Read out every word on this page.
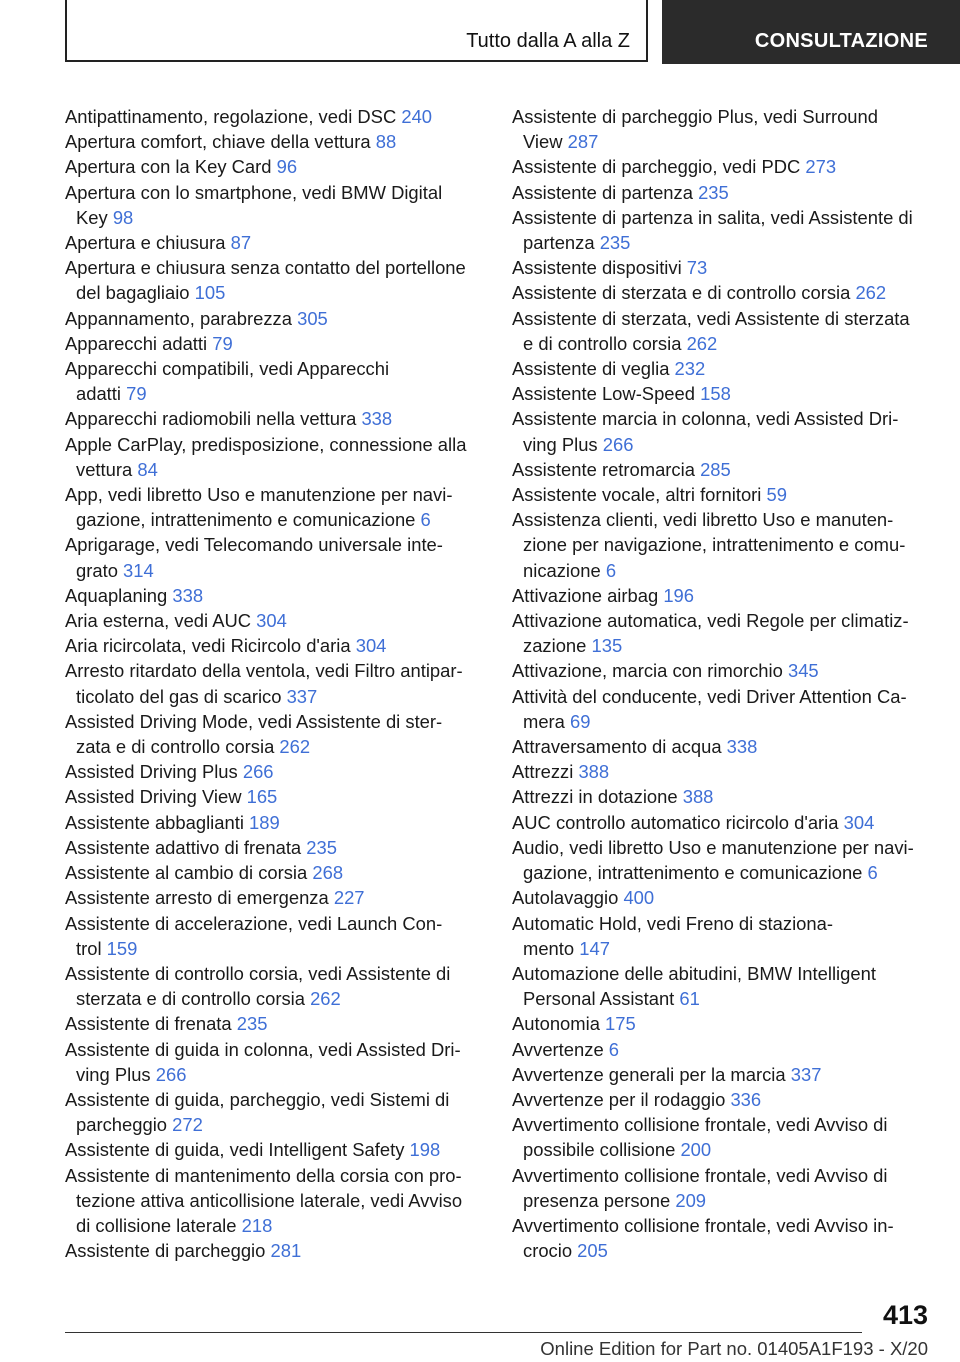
Tutto dalla A alla Z	CONSULTAZIONE
Antipattinamento, regolazione, vedi DSC 240
Apertura comfort, chiave della vettura 88
Apertura con la Key Card 96
Apertura con lo smartphone, vedi BMW Digital
Key 98
Apertura e chiusura 87
Apertura e chiusura senza contatto del portellone
del bagagliaio 105
Appannamento, parabrezza 305
Apparecchi adatti 79
Apparecchi compatibili, vedi Apparecchi
adatti 79
Apparecchi radiomobili nella vettura 338
Apple CarPlay, predisposizione, connessione alla
vettura 84
App, vedi libretto Uso e manutenzione per navi-
gazione, intrattenimento e comunicazione 6
Aprigarage, vedi Telecomando universale inte-
grato 314
Aquaplaning 338
Aria esterna, vedi AUC 304
Aria ricircolata, vedi Ricircolo d'aria 304
Arresto ritardato della ventola, vedi Filtro antipar-
ticolato del gas di scarico 337
Assisted Driving Mode, vedi Assistente di ster-
zata e di controllo corsia 262
Assisted Driving Plus 266
Assisted Driving View 165
Assistente abbaglianti 189
Assistente adattivo di frenata 235
Assistente al cambio di corsia 268
Assistente arresto di emergenza 227
Assistente di accelerazione, vedi Launch Con-
trol 159
Assistente di controllo corsia, vedi Assistente di
sterzata e di controllo corsia 262
Assistente di frenata 235
Assistente di guida in colonna, vedi Assisted Dri-
ving Plus 266
Assistente di guida, parcheggio, vedi Sistemi di
parcheggio 272
Assistente di guida, vedi Intelligent Safety 198
Assistente di mantenimento della corsia con pro-
tezione attiva anticollisione laterale, vedi Avviso
di collisione laterale 218
Assistente di parcheggio 281
Assistente di parcheggio Plus, vedi Surround
View 287
Assistente di parcheggio, vedi PDC 273
Assistente di partenza 235
Assistente di partenza in salita, vedi Assistente di
partenza 235
Assistente dispositivi 73
Assistente di sterzata e di controllo corsia 262
Assistente di sterzata, vedi Assistente di sterzata
e di controllo corsia 262
Assistente di veglia 232
Assistente Low-Speed 158
Assistente marcia in colonna, vedi Assisted Dri-
ving Plus 266
Assistente retromarcia 285
Assistente vocale, altri fornitori 59
Assistenza clienti, vedi libretto Uso e manuten-
zione per navigazione, intrattenimento e comu-
nicazione 6
Attivazione airbag 196
Attivazione automatica, vedi Regole per climatiz-
zazione 135
Attivazione, marcia con rimorchio 345
Attività del conducente, vedi Driver Attention Ca-
mera 69
Attraversamento di acqua 338
Attrezzi 388
Attrezzi in dotazione 388
AUC controllo automatico ricircolo d'aria 304
Audio, vedi libretto Uso e manutenzione per navi-
gazione, intrattenimento e comunicazione 6
Autolavaggio 400
Automatic Hold, vedi Freno di staziona-
mento 147
Automazione delle abitudini, BMW Intelligent
Personal Assistant 61
Autonomia 175
Avvertenze 6
Avvertenze generali per la marcia 337
Avvertenze per il rodaggio 336
Avvertimento collisione frontale, vedi Avviso di
possibile collisione 200
Avvertimento collisione frontale, vedi Avviso di
presenza persone 209
Avvertimento collisione frontale, vedi Avviso in-
crocio 205
413
Online Edition for Part no. 01405A1F193 - X/20
